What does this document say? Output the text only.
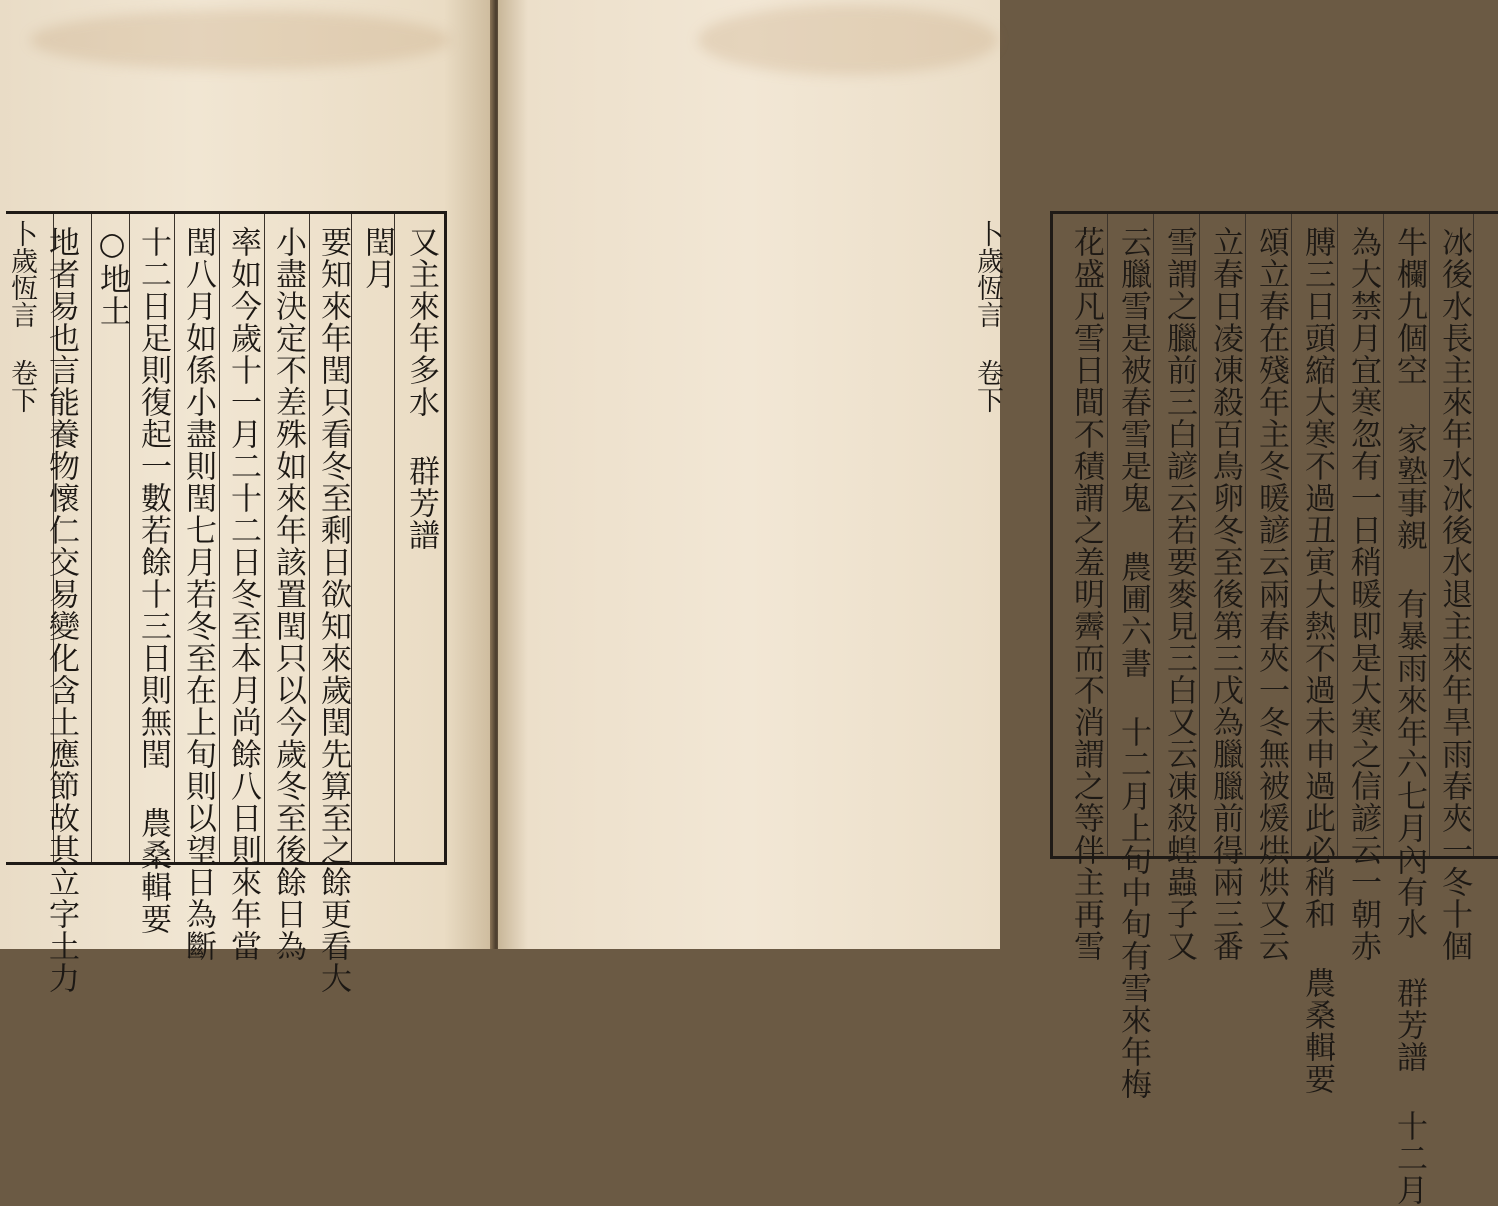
又主來年多水 群芳譜
閏月
要知來年閏只看冬至剩日欲知來歲閏先算至之餘更看大
小盡決定不差殊如來年該置閏只以今歲冬至後餘日為
率如今歲十一月二十二日冬至本月尚餘八日則來年當
閏八月如係小盡則閏七月若冬至在上旬則以望日為斷
十二日足則復起一數若餘十三日則無閏 農桑輯要
○地土
地者易也言能養物懷仁交易變化含土應節故其立字土力
卜歲恆言 卷下	冰後水長主來年水冰後水退主來年旱雨春夾一冬十個
牛欄九個空 家塾事親 有暴雨來年六七月內有水 群芳譜 十二月
為大禁月宜寒忽有一日稍暖即是大寒之信諺云一朝赤
膊三日頭縮大寒不過丑寅大熱不過未申過此必稍和 農桑輯要
頌立春在殘年主冬暖諺云兩春夾一冬無被煖烘烘又云
立春日凌凍殺百鳥卵冬至後第三戊為臘臘前得兩三番
雪謂之臘前三白諺云若要麥見三白又云凍殺蝗蟲子又
云臘雪是被春雪是鬼 農圃六書 十二月上旬中旬有雪來年梅
花盛凡雪日間不積謂之羞明霽而不消謂之等伴主再雪
卜歲恆言 卷下
